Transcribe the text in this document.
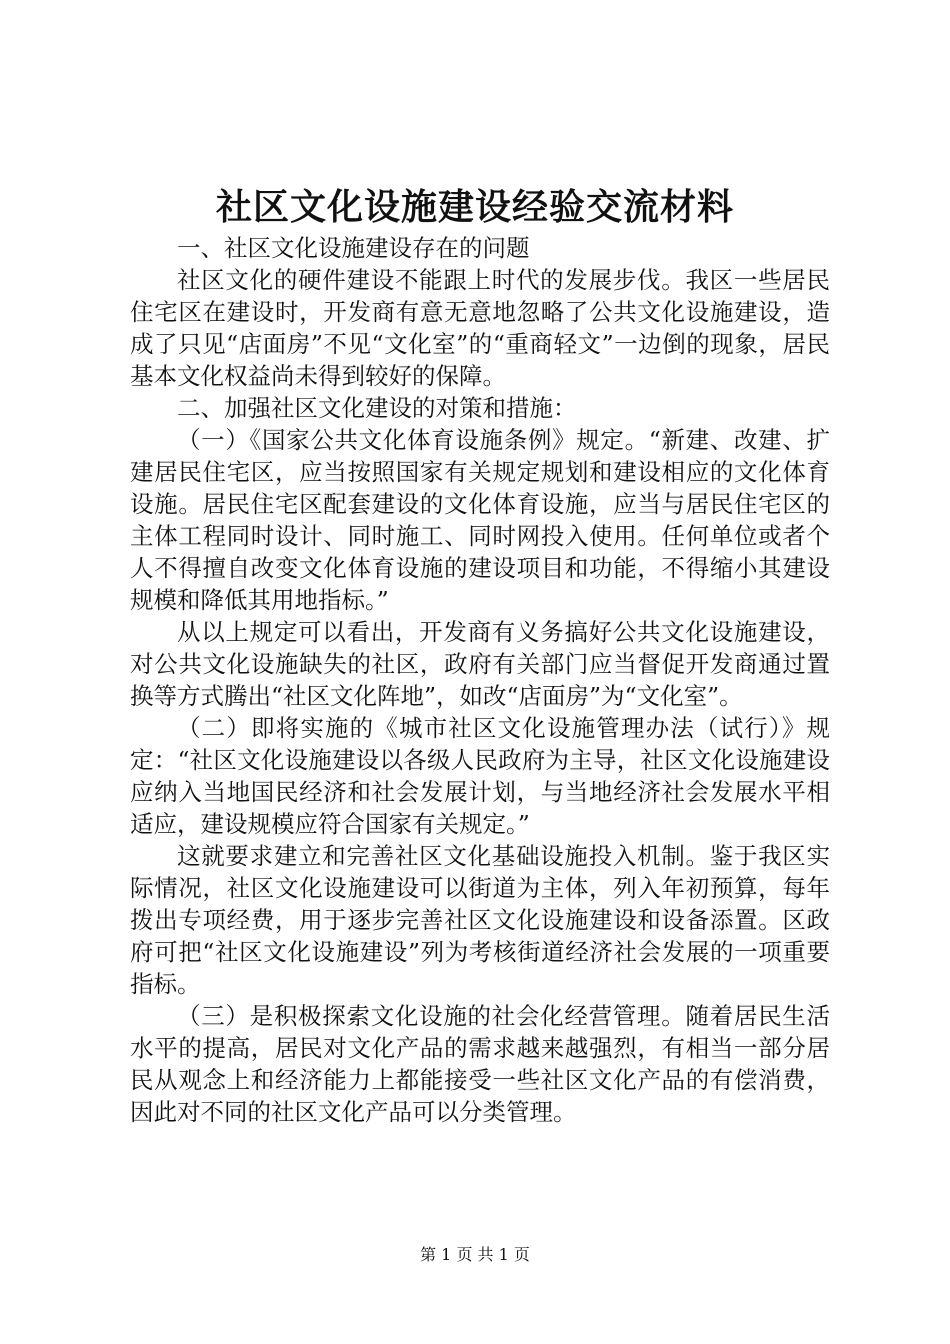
社区文化设施建设经验交流材料

一、社区文化设施建设存在的问题

社区文化的硬件建设不能跟上时代的发展步伐。我区一些居民住宅区在建设时，开发商有意无意地忽略了公共文化设施建设，造成了只见“店面房”不见“文化室”的“重商轻文”一边倒的现象，居民基本文化权益尚未得到较好的保障。

二、加强社区文化建设的对策和措施：

（一）《国家公共文化体育设施条例》规定。“新建、改建、扩建居民住宅区，应当按照国家有关规定规划和建设相应的文化体育设施。居民住宅区配套建设的文化体育设施，应当与居民住宅区的主体工程同时设计、同时施工、同时网投入使用。任何单位或者个人不得擅自改变文化体育设施的建设项目和功能，不得缩小其建设规模和降低其用地指标。”

从以上规定可以看出，开发商有义务搞好公共文化设施建设，对公共文化设施缺失的社区，政府有关部门应当督促开发商通过置换等方式腾出“社区文化阵地”，如改“店面房”为“文化室”。

（二）即将实施的《城市社区文化设施管理办法（试行）》规定：“社区文化设施建设以各级人民政府为主导，社区文化设施建设应纳入当地国民经济和社会发展计划，与当地经济社会发展水平相适应，建设规模应符合国家有关规定。”

这就要求建立和完善社区文化基础设施投入机制。鉴于我区实际情况，社区文化设施建设可以街道为主体，列入年初预算，每年拨出专项经费，用于逐步完善社区文化设施建设和设备添置。区政府可把“社区文化设施建设”列为考核街道经济社会发展的一项重要指标。

（三）是积极探索文化设施的社会化经营管理。随着居民生活水平的提高，居民对文化产品的需求越来越强烈，有相当一部分居民从观念上和经济能力上都能接受一些社区文化产品的有偿消费，因此对不同的社区文化产品可以分类管理。

第 1 页 共 1 页
